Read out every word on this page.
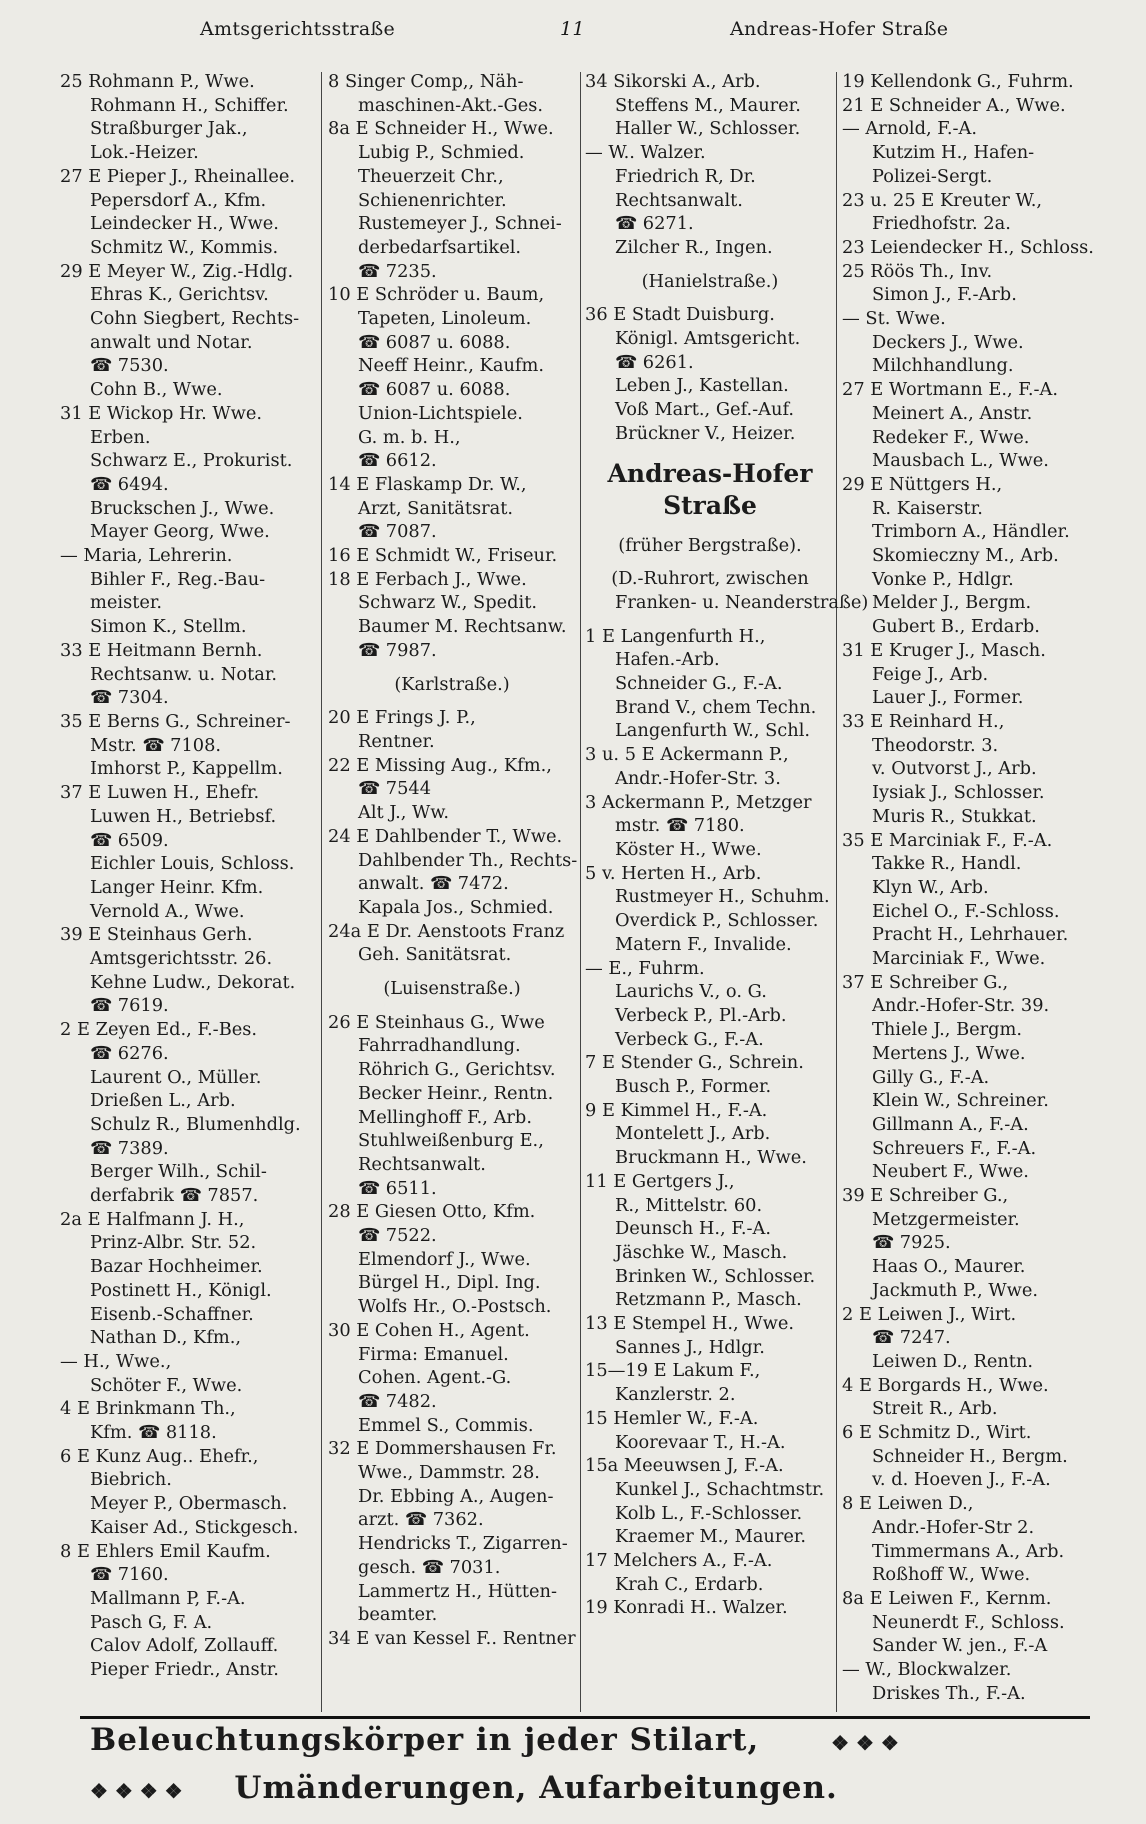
Amtsgerichtsstraße	11	Andreas-Hofer Straße
25 Rohmann P., Wwe.
Rohmann H., Schiffer.
Straßburger Jak.,
Lok.-Heizer.
27 E Pieper J., Rheinallee.
Pepersdorf A., Kfm.
Leindecker H., Wwe.
Schmitz W., Kommis.
29 E Meyer W., Zig.-Hdlg.
Ehras K., Gerichtsv.
Cohn Siegbert, Rechts-
anwalt und Notar.
☎ 7530.
Cohn B., Wwe.
31 E Wickop Hr. Wwe.
Erben.
Schwarz E., Prokurist.
☎ 6494.
Bruckschen J., Wwe.
Mayer Georg, Wwe.
— Maria, Lehrerin.
Bihler F., Reg.-Bau-
meister.
Simon K., Stellm.
33 E Heitmann Bernh.
Rechtsanw. u. Notar.
☎ 7304.
35 E Berns G., Schreiner-
Mstr. ☎ 7108.
Imhorst P., Kappellm.
37 E Luwen H., Ehefr.
Luwen H., Betriebsf.
☎ 6509.
Eichler Louis, Schloss.
Langer Heinr. Kfm.
Vernold A., Wwe.
39 E Steinhaus Gerh.
Amtsgerichtsstr. 26.
Kehne Ludw., Dekorat.
☎ 7619.
2 E Zeyen Ed., F.-Bes.
☎ 6276.
Laurent O., Müller.
Drießen L., Arb.
Schulz R., Blumenhdlg.
☎ 7389.
Berger Wilh., Schil-
derfabrik ☎ 7857.
2a E Halfmann J. H.,
Prinz-Albr. Str. 52.
Bazar Hochheimer.
Postinett H., Königl.
Eisenb.-Schaffner.
Nathan D., Kfm.,
— H., Wwe.,
Schöter F., Wwe.
4 E Brinkmann Th.,
Kfm. ☎ 8118.
6 E Kunz Aug.. Ehefr.,
Biebrich.
Meyer P., Obermasch.
Kaiser Ad., Stickgesch.
8 E Ehlers Emil Kaufm.
☎ 7160.
Mallmann P, F.-A.
Pasch G, F. A.
Calov Adolf, Zollauff.
Pieper Friedr., Anstr.
8 Singer Comp,, Näh-
maschinen-Akt.-Ges.
8a E Schneider H., Wwe.
Lubig P., Schmied.
Theuerzeit Chr.,
Schienenrichter.
Rustemeyer J., Schnei-
derbedarfsartikel.
☎ 7235.
10 E Schröder u. Baum,
Tapeten, Linoleum.
☎ 6087 u. 6088.
Neeff Heinr., Kaufm.
☎ 6087 u. 6088.
Union-Lichtspiele.
G. m. b. H.,
☎ 6612.
14 E Flaskamp Dr. W.,
Arzt, Sanitätsrat.
☎ 7087.
16 E Schmidt W., Friseur.
18 E Ferbach J., Wwe.
Schwarz W., Spedit.
Baumer M. Rechtsanw.
☎ 7987.

(Karlstraße.)

20 E Frings J. P.,
Rentner.
22 E Missing Aug., Kfm.,
☎ 7544
Alt J., Ww.
24 E Dahlbender T., Wwe.
Dahlbender Th., Rechts-
anwalt. ☎ 7472.
Kapala Jos., Schmied.
24a E Dr. Aenstoots Franz
Geh. Sanitätsrat.

(Luisenstraße.)

26 E Steinhaus G., Wwe
Fahrradhandlung.
Röhrich G., Gerichtsv.
Becker Heinr., Rentn.
Mellinghoff F., Arb.
Stuhlweißenburg E.,
Rechtsanwalt.
☎ 6511.
28 E Giesen Otto, Kfm.
☎ 7522.
Elmendorf J., Wwe.
Bürgel H., Dipl. Ing.
Wolfs Hr., O.-Postsch.
30 E Cohen H., Agent.
Firma: Emanuel.
Cohen. Agent.-G.
☎ 7482.
Emmel S., Commis.
32 E Dommershausen Fr.
Wwe., Dammstr. 28.
Dr. Ebbing A., Augen-
arzt. ☎ 7362.
Hendricks T., Zigarren-
gesch. ☎ 7031.
Lammertz H., Hütten-
beamter.
34 E van Kessel F.. Rentner
34 Sikorski A., Arb.
Steffens M., Maurer.
Haller W., Schlosser.
— W.. Walzer.
Friedrich R, Dr.
Rechtsanwalt.
☎ 6271.
Zilcher R., Ingen.

(Hanielstraße.)

36 E Stadt Duisburg.
Königl. Amtsgericht.
☎ 6261.
Leben J., Kastellan.
Voß Mart., Gef.-Auf.
Brückner V., Heizer.

Andreas-Hofer
Straße

(früher Bergstraße).

(D.-Ruhrort, zwischen
Franken- u. Neanderstraße)

1 E Langenfurth H.,
Hafen.-Arb.
Schneider G., F.-A.
Brand V., chem Techn.
Langenfurth W., Schl.
3 u. 5 E Ackermann P.,
Andr.-Hofer-Str. 3.
3 Ackermann P., Metzger
mstr. ☎ 7180.
Köster H., Wwe.
5 v. Herten H., Arb.
Rustmeyer H., Schuhm.
Overdick P., Schlosser.
Matern F., Invalide.
— E., Fuhrm.
Laurichs V., o. G.
Verbeck P., Pl.-Arb.
Verbeck G., F.-A.
7 E Stender G., Schrein.
Busch P., Former.
9 E Kimmel H., F.-A.
Montelett J., Arb.
Bruckmann H., Wwe.
11 E Gertgers J.,
R., Mittelstr. 60.
Deunsch H., F.-A.
Jäschke W., Masch.
Brinken W., Schlosser.
Retzmann P., Masch.
13 E Stempel H., Wwe.
Sannes J., Hdlgr.
15—19 E Lakum F.,
Kanzlerstr. 2.
15 Hemler W., F.-A.
Koorevaar T., H.-A.
15a Meeuwsen J, F.-A.
Kunkel J., Schachtmstr.
Kolb L., F.-Schlosser.
Kraemer M., Maurer.
17 Melchers A., F.-A.
Krah C., Erdarb.
19 Konradi H.. Walzer.
19 Kellendonk G., Fuhrm.
21 E Schneider A., Wwe.
— Arnold, F.-A.
Kutzim H., Hafen-
Polizei-Sergt.
23 u. 25 E Kreuter W.,
Friedhofstr. 2a.
23 Leiendecker H., Schloss.
25 Röös Th., Inv.
Simon J., F.-Arb.
— St. Wwe.
Deckers J., Wwe.
Milchhandlung.
27 E Wortmann E., F.-A.
Meinert A., Anstr.
Redeker F., Wwe.
Mausbach L., Wwe.
29 E Nüttgers H.,
R. Kaiserstr.
Trimborn A., Händler.
Skomieczny M., Arb.
Vonke P., Hdlgr.
Melder J., Bergm.
Gubert B., Erdarb.
31 E Kruger J., Masch.
Feige J., Arb.
Lauer J., Former.
33 E Reinhard H.,
Theodorstr. 3.
v. Outvorst J., Arb.
Iysiak J., Schlosser.
Muris R., Stukkat.
35 E Marciniak F., F.-A.
Takke R., Handl.
Klyn W., Arb.
Eichel O., F.-Schloss.
Pracht H., Lehrhauer.
Marciniak F., Wwe.
37 E Schreiber G.,
Andr.-Hofer-Str. 39.
Thiele J., Bergm.
Mertens J., Wwe.
Gilly G., F.-A.
Klein W., Schreiner.
Gillmann A., F.-A.
Schreuers F., F.-A.
Neubert F., Wwe.
39 E Schreiber G.,
Metzgermeister.
☎ 7925.
Haas O., Maurer.
Jackmuth P., Wwe.
2 E Leiwen J., Wirt.
☎ 7247.
Leiwen D., Rentn.
4 E Borgards H., Wwe.
Streit R., Arb.
6 E Schmitz D., Wirt.
Schneider H., Bergm.
v. d. Hoeven J., F.-A.
8 E Leiwen D.,
Andr.-Hofer-Str 2.
Timmermans A., Arb.
Roßhoff W., Wwe.
8a E Leiwen F., Kernm.
Neunerdt F., Schloss.
Sander W. jen., F.-A
— W., Blockwalzer.
Driskes Th., F.-A.
Beleuchtungskörper in jeder Stilart,	❖ ❖ ❖
❖ ❖ ❖ ❖ Umänderungen, Aufarbeitungen.
